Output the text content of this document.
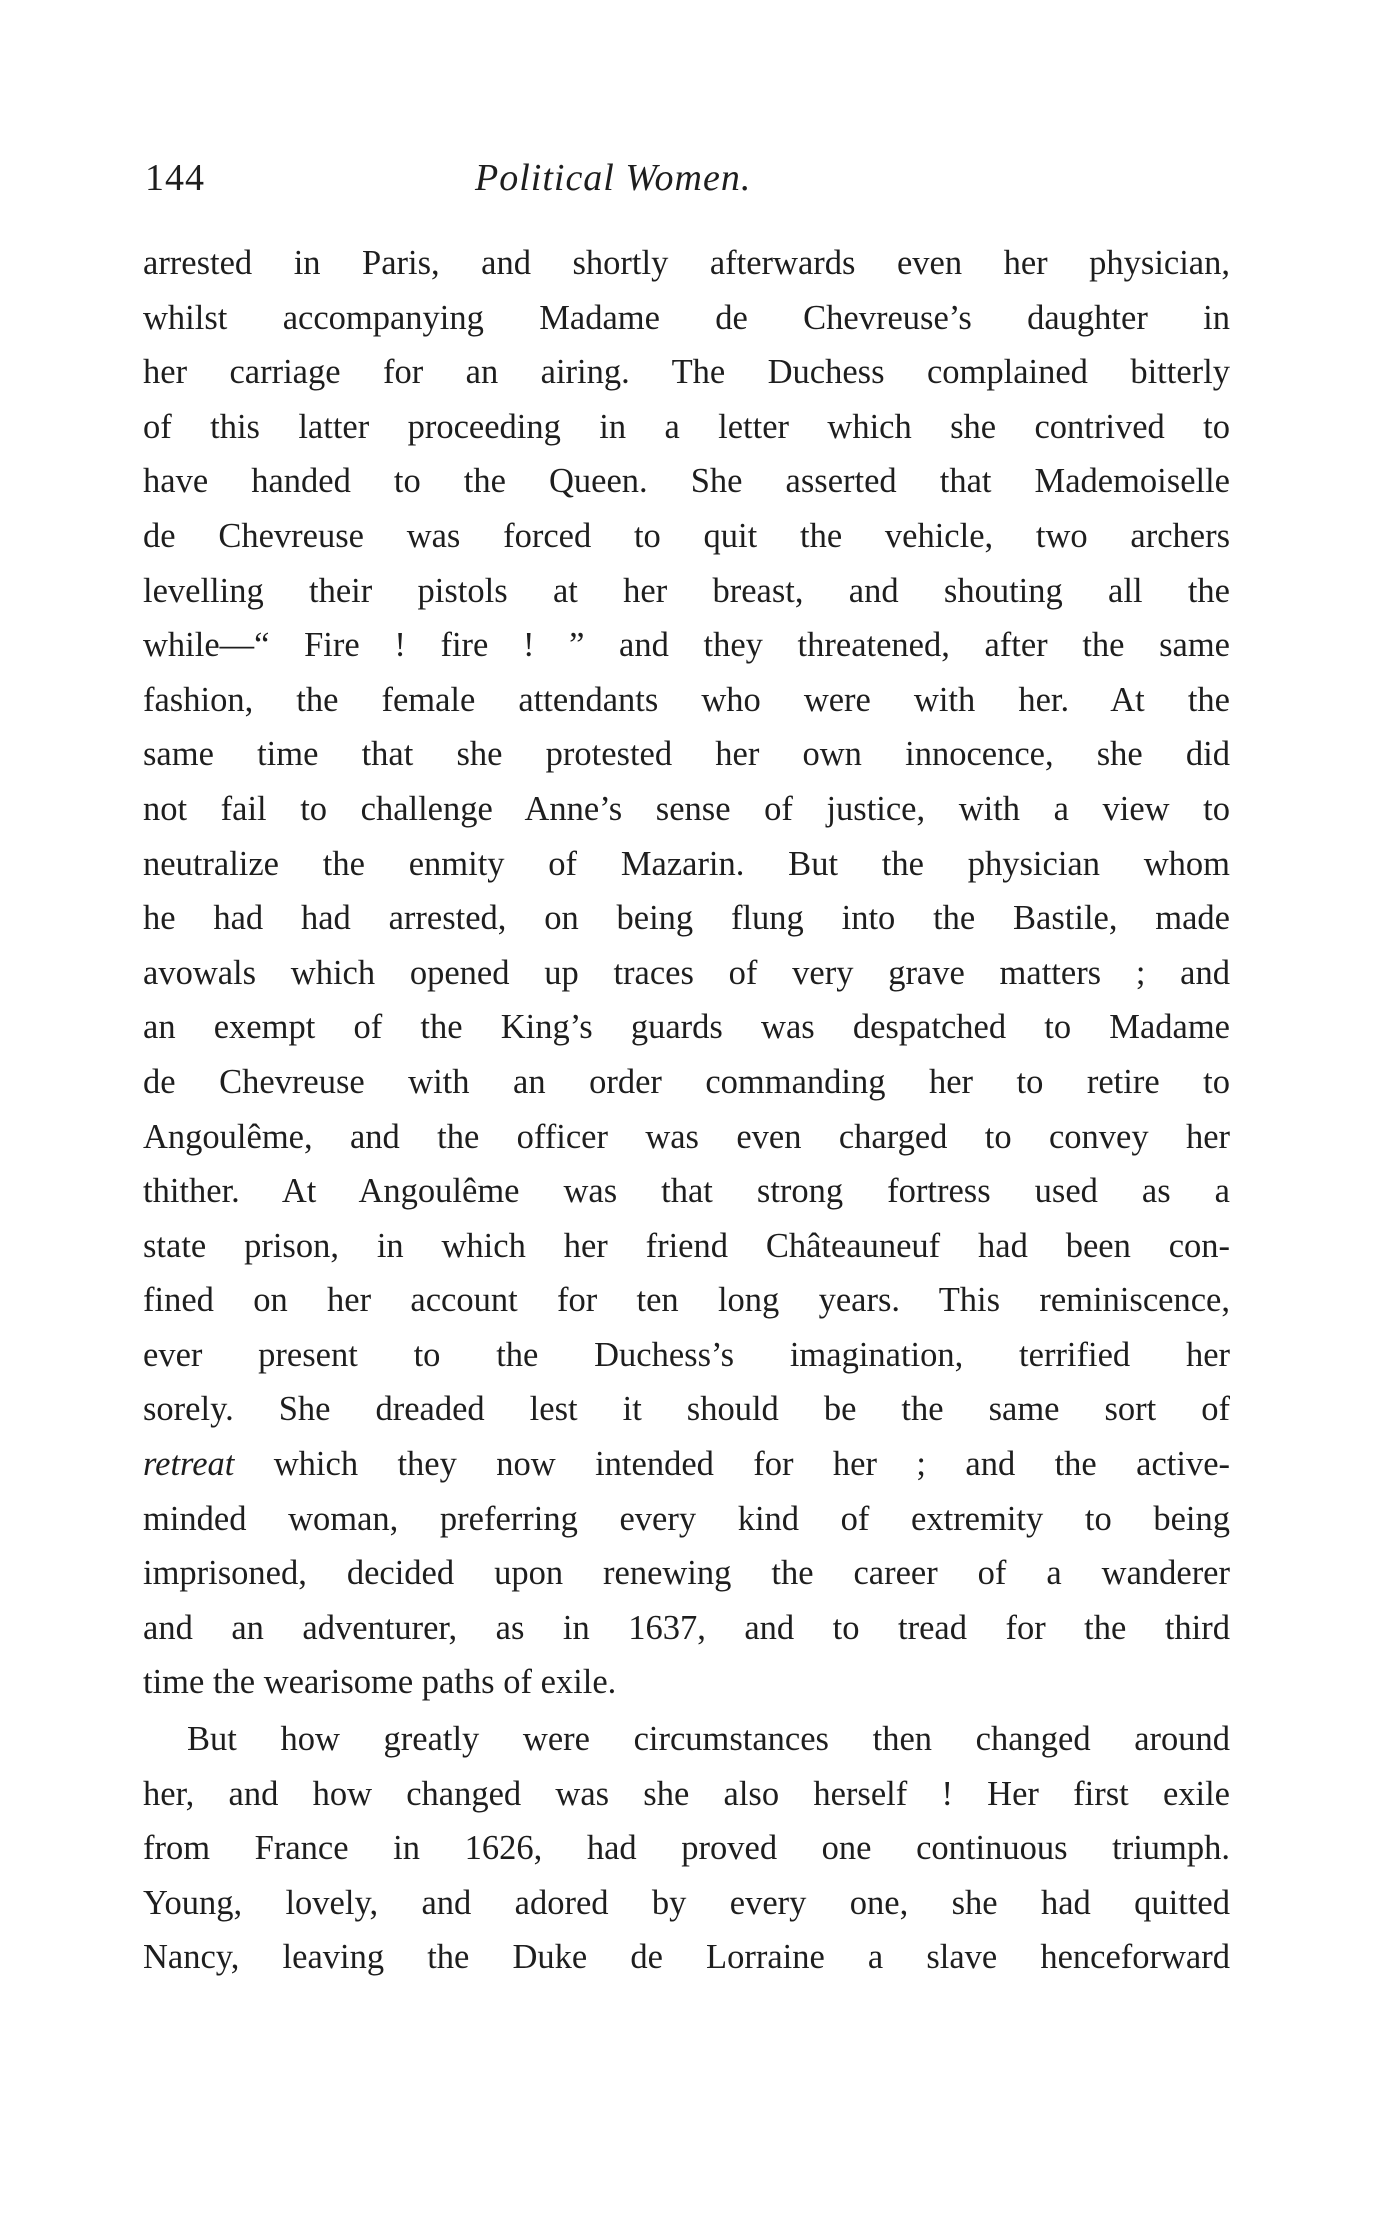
144	Political Women.
arrested in Paris, and shortly afterwards even her physician,
whilst accompanying Madame de Chevreuse’s daughter in
her carriage for an airing. The Duchess complained bitterly
of this latter proceeding in a letter which she contrived to
have handed to the Queen. She asserted that Mademoiselle
de Chevreuse was forced to quit the vehicle, two archers
levelling their pistols at her breast, and shouting all the
while—“ Fire ! fire ! ” and they threatened, after the same
fashion, the female attendants who were with her. At the
same time that she protested her own innocence, she did
not fail to challenge Anne’s sense of justice, with a view to
neutralize the enmity of Mazarin. But the physician whom
he had had arrested, on being flung into the Bastile, made
avowals which opened up traces of very grave matters ; and
an exempt of the King’s guards was despatched to Madame
de Chevreuse with an order commanding her to retire to
Angoulême, and the officer was even charged to convey her
thither. At Angoulême was that strong fortress used as a
state prison, in which her friend Châteauneuf had been con-
fined on her account for ten long years. This reminiscence,
ever present to the Duchess’s imagination, terrified her
sorely. She dreaded lest it should be the same sort of
retreat which they now intended for her ; and the active-
minded woman, preferring every kind of extremity to being
imprisoned, decided upon renewing the career of a wanderer
and an adventurer, as in 1637, and to tread for the third
time the wearisome paths of exile.
But how greatly were circumstances then changed around
her, and how changed was she also herself ! Her first exile
from France in 1626, had proved one continuous triumph.
Young, lovely, and adored by every one, she had quitted
Nancy, leaving the Duke de Lorraine a slave henceforward
